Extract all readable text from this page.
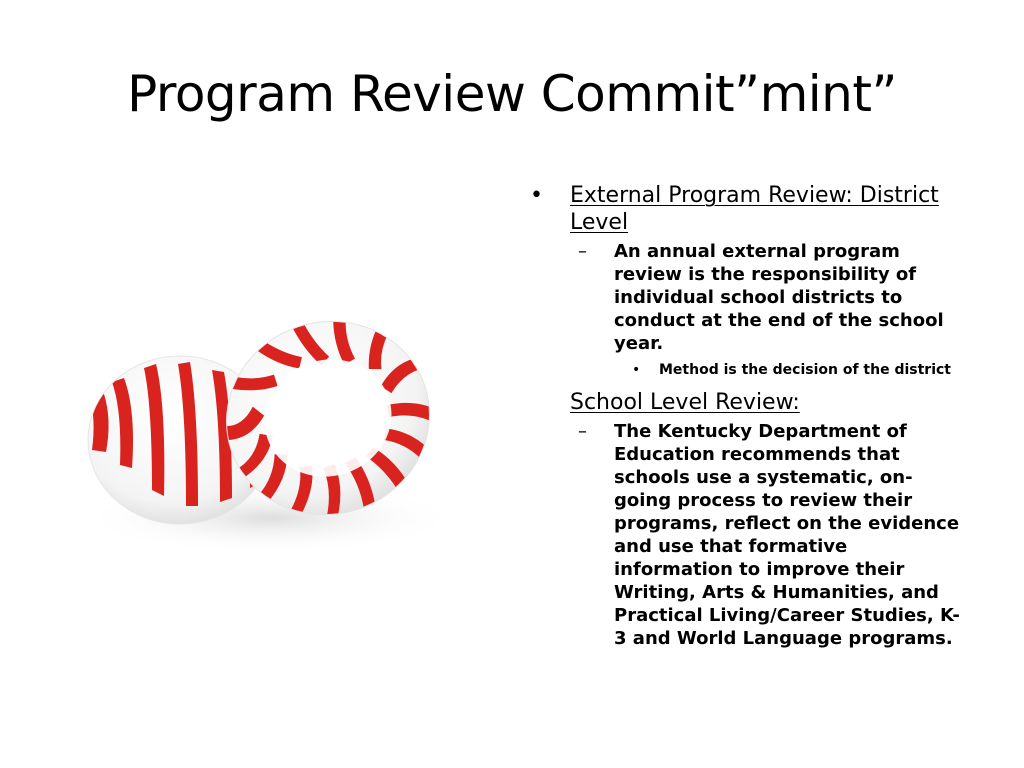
Program Review Commit”mint”
• External Program Review: District Level
– An annual external program review is the responsibility of individual school districts to conduct at the end of the school year.
• Method is the decision of the district
School Level Review:
– The Kentucky Department of Education recommends that schools use a systematic, on-going process to review their programs, reflect on the evidence and use that formative information to improve their Writing, Arts & Humanities, and Practical Living/Career Studies, K-3 and World Language programs.
